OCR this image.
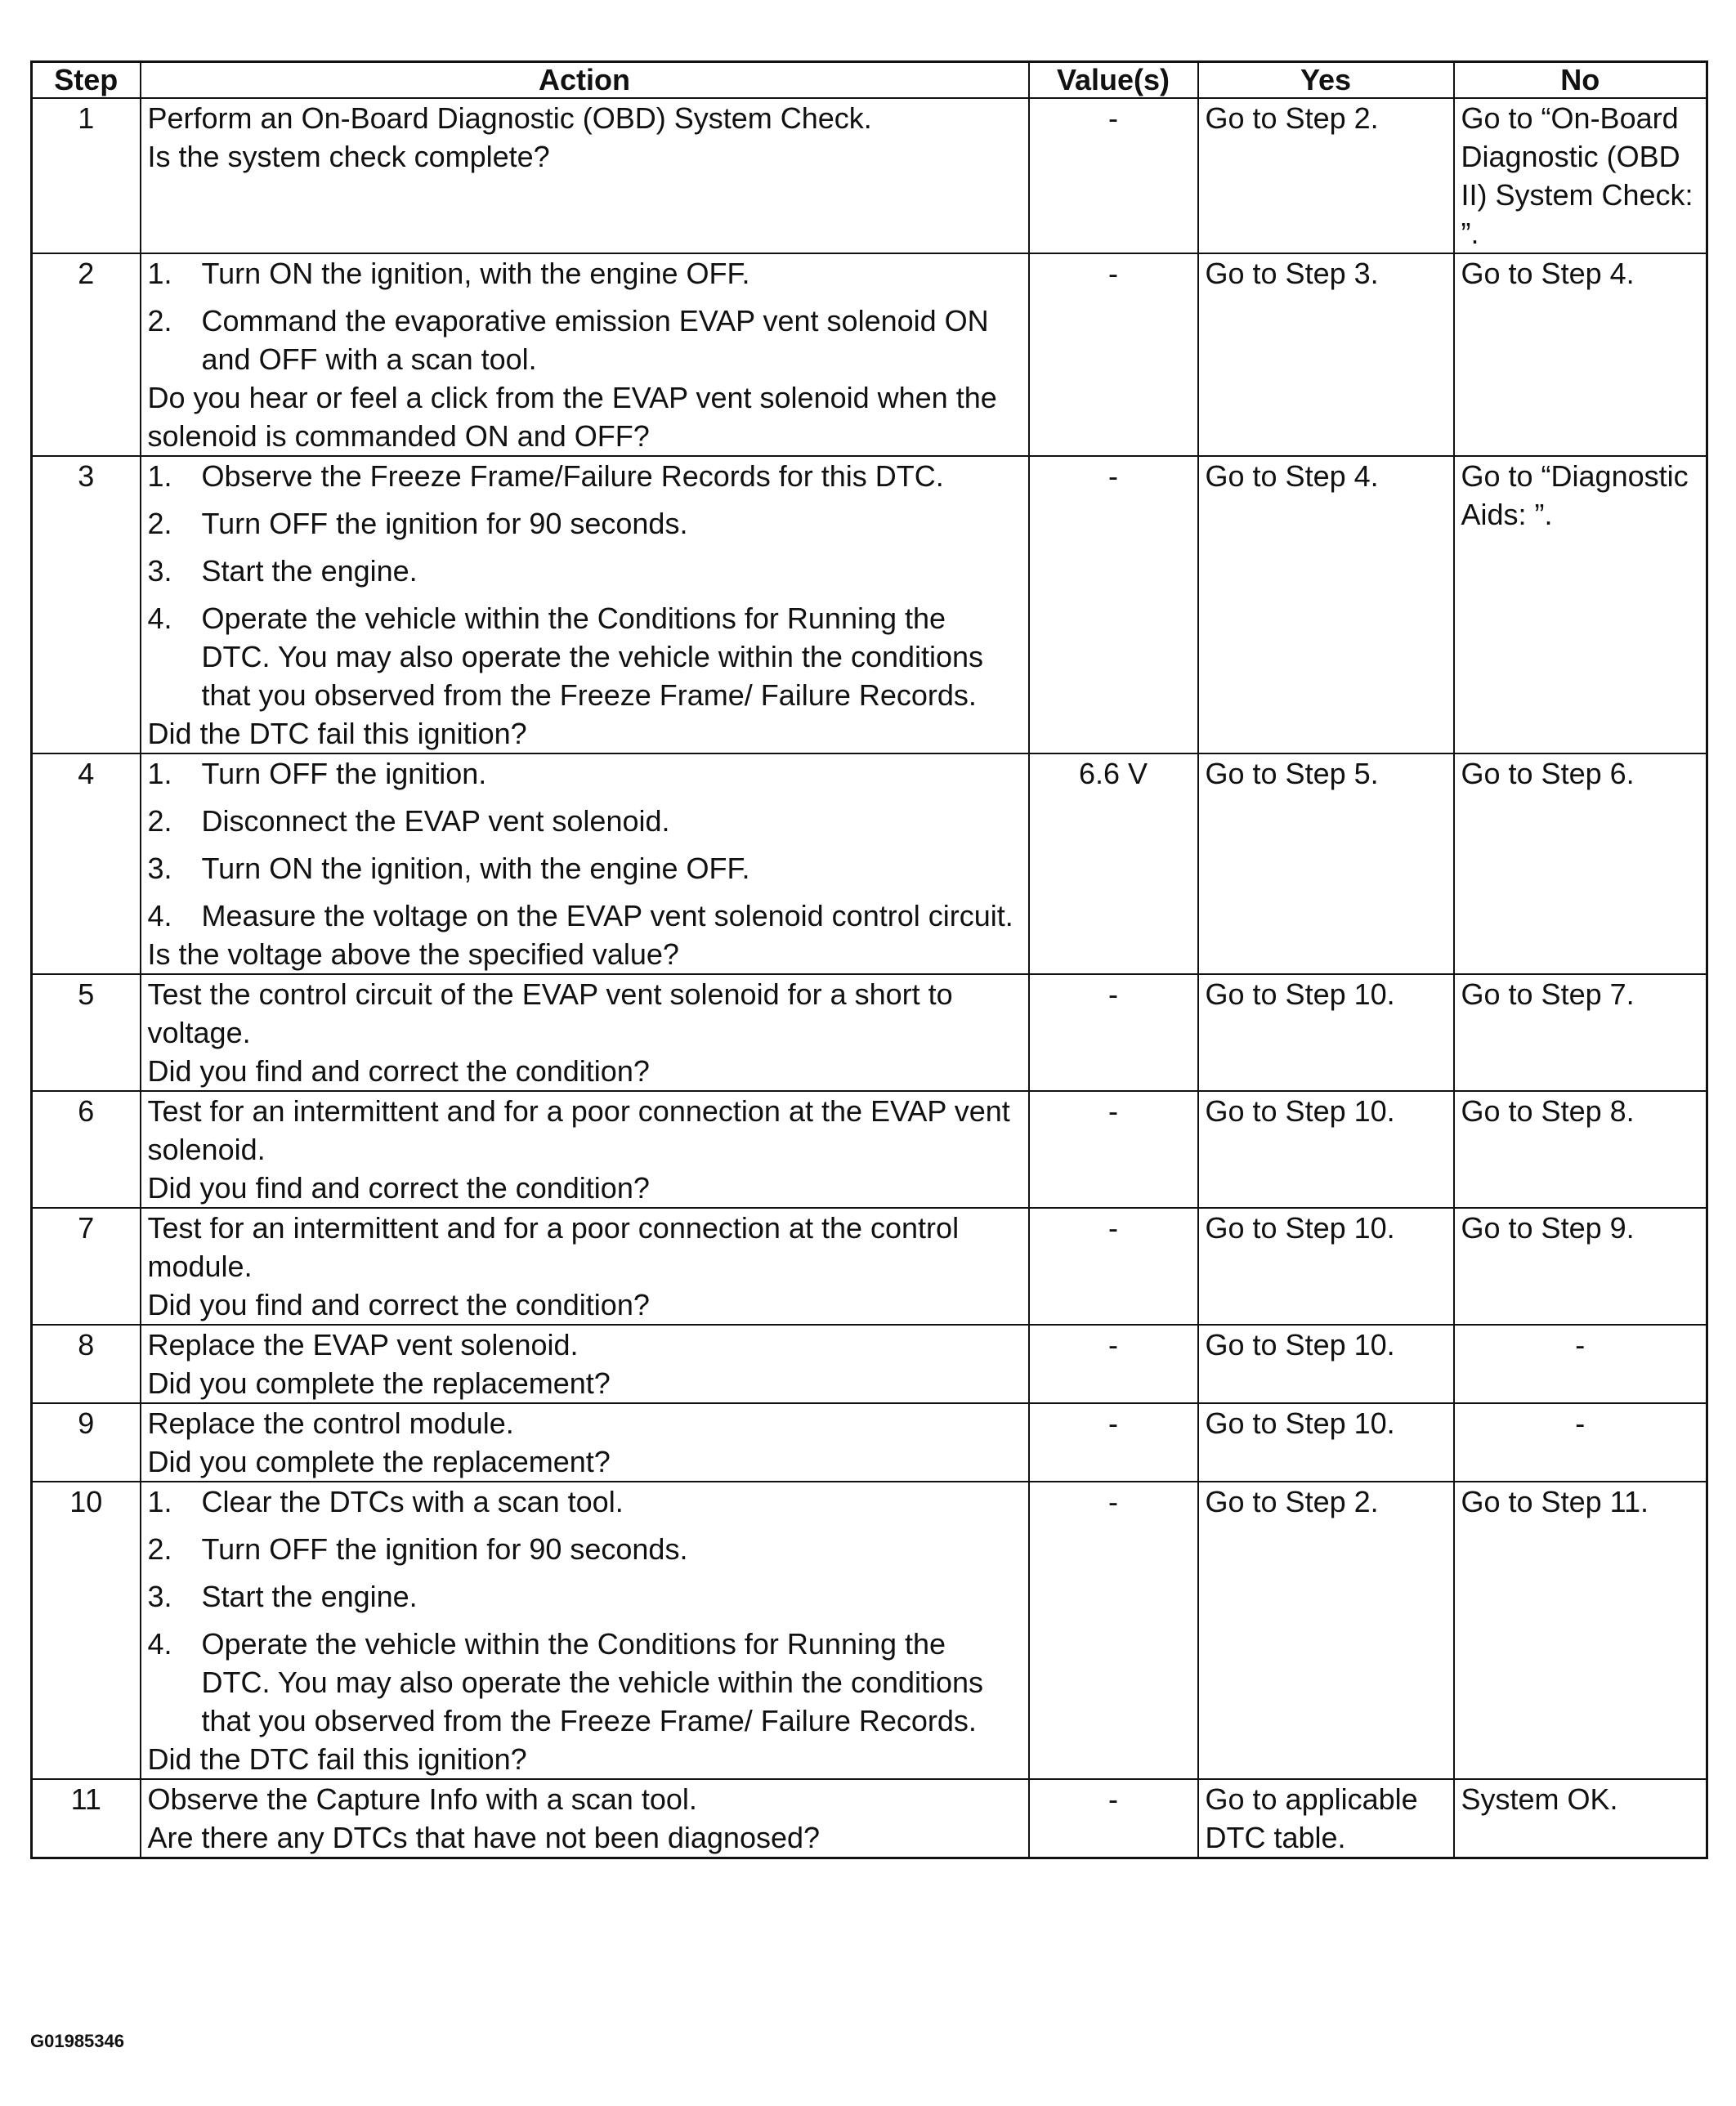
Step	Action	Value(s)	Yes	No
1	Perform an On-Board Diagnostic (OBD) System Check.
Is the system check complete?	-	Go to Step 2.	Go to “On-Board Diagnostic (OBD II) System Check: ”.
2	1. Turn ON the ignition, with the engine OFF.
2. Command the evaporative emission EVAP vent solenoid ON and OFF with a scan tool.
Do you hear or feel a click from the EVAP vent solenoid when the solenoid is commanded ON and OFF?	-	Go to Step 3.	Go to Step 4.
3	1. Observe the Freeze Frame/Failure Records for this DTC.
2. Turn OFF the ignition for 90 seconds.
3. Start the engine.
4. Operate the vehicle within the Conditions for Running the DTC. You may also operate the vehicle within the conditions that you observed from the Freeze Frame/ Failure Records.
Did the DTC fail this ignition?	-	Go to Step 4.	Go to “Diagnostic Aids: ”.
4	1. Turn OFF the ignition.
2. Disconnect the EVAP vent solenoid.
3. Turn ON the ignition, with the engine OFF.
4. Measure the voltage on the EVAP vent solenoid control circuit.
Is the voltage above the specified value?	6.6 V	Go to Step 5.	Go to Step 6.
5	Test the control circuit of the EVAP vent solenoid for a short to voltage.
Did you find and correct the condition?	-	Go to Step 10.	Go to Step 7.
6	Test for an intermittent and for a poor connection at the EVAP vent solenoid.
Did you find and correct the condition?	-	Go to Step 10.	Go to Step 8.
7	Test for an intermittent and for a poor connection at the control module.
Did you find and correct the condition?	-	Go to Step 10.	Go to Step 9.
8	Replace the EVAP vent solenoid.
Did you complete the replacement?	-	Go to Step 10.	-
9	Replace the control module.
Did you complete the replacement?	-	Go to Step 10.	-
10	1. Clear the DTCs with a scan tool.
2. Turn OFF the ignition for 90 seconds.
3. Start the engine.
4. Operate the vehicle within the Conditions for Running the DTC. You may also operate the vehicle within the conditions that you observed from the Freeze Frame/ Failure Records.
Did the DTC fail this ignition?	-	Go to Step 2.	Go to Step 11.
11	Observe the Capture Info with a scan tool.
Are there any DTCs that have not been diagnosed?	-	Go to applicable DTC table.	System OK.
G01985346
